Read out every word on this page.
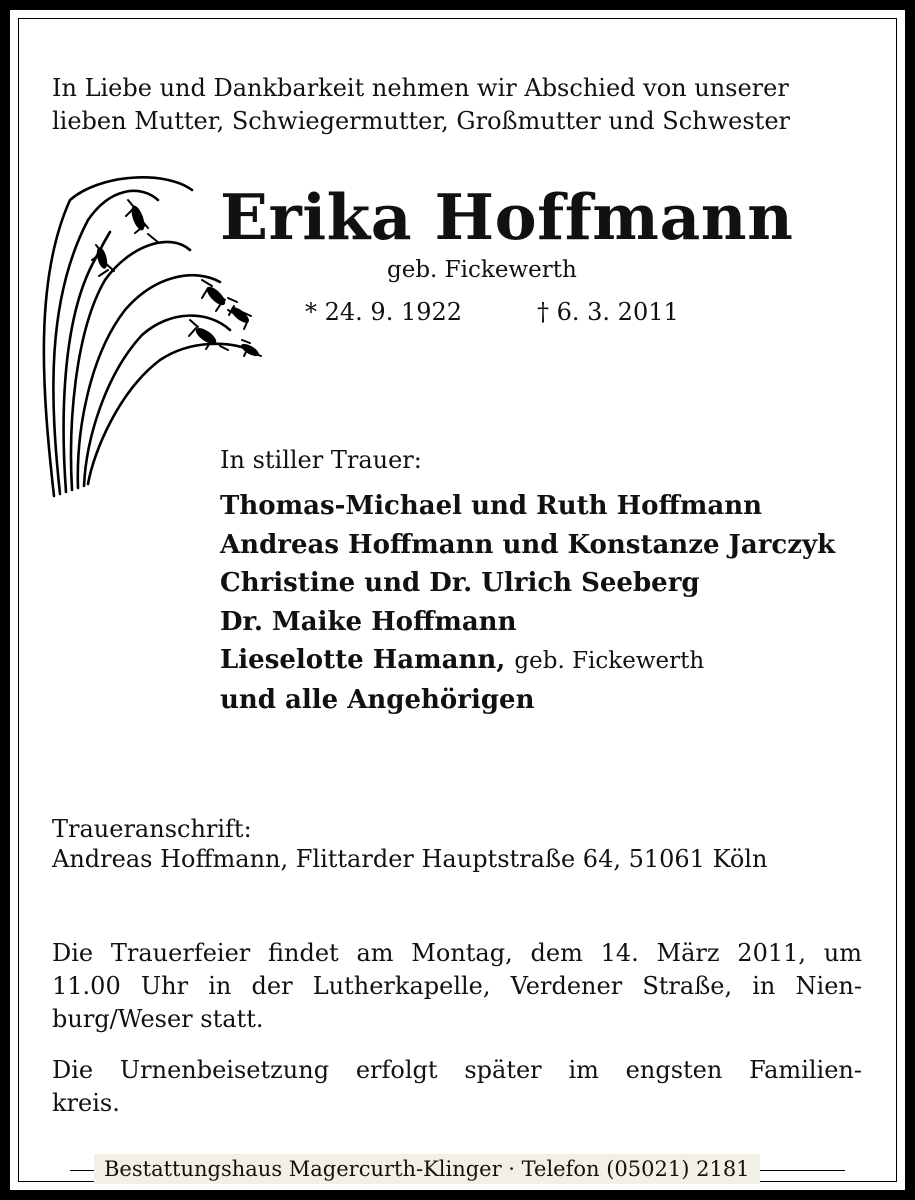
In Liebe und Dankbarkeit nehmen wir Abschied von unserer
lieben Mutter, Schwiegermutter, Großmutter und Schwester
Erika Hoffmann
geb. Fickewerth
* 24. 9. 1922	† 6. 3. 2011
In stiller Trauer:
Thomas-Michael und Ruth Hoffmann
Andreas Hoffmann und Konstanze Jarczyk
Christine und Dr. Ulrich Seeberg
Dr. Maike Hoffmann
Lieselotte Hamann, geb. Fickewerth
und alle Angehörigen
Traueranschrift:
Andreas Hoffmann, Flittarder Hauptstraße 64, 51061 Köln
Die Trauerfeier findet am Montag, dem 14. März 2011, um
11.00 Uhr in der Lutherkapelle, Verdener Straße, in Nien-
burg/Weser statt.
Die Urnenbeisetzung erfolgt später im engsten Familien-
kreis.
Bestattungshaus Magercurth-Klinger · Telefon (05021) 2181
